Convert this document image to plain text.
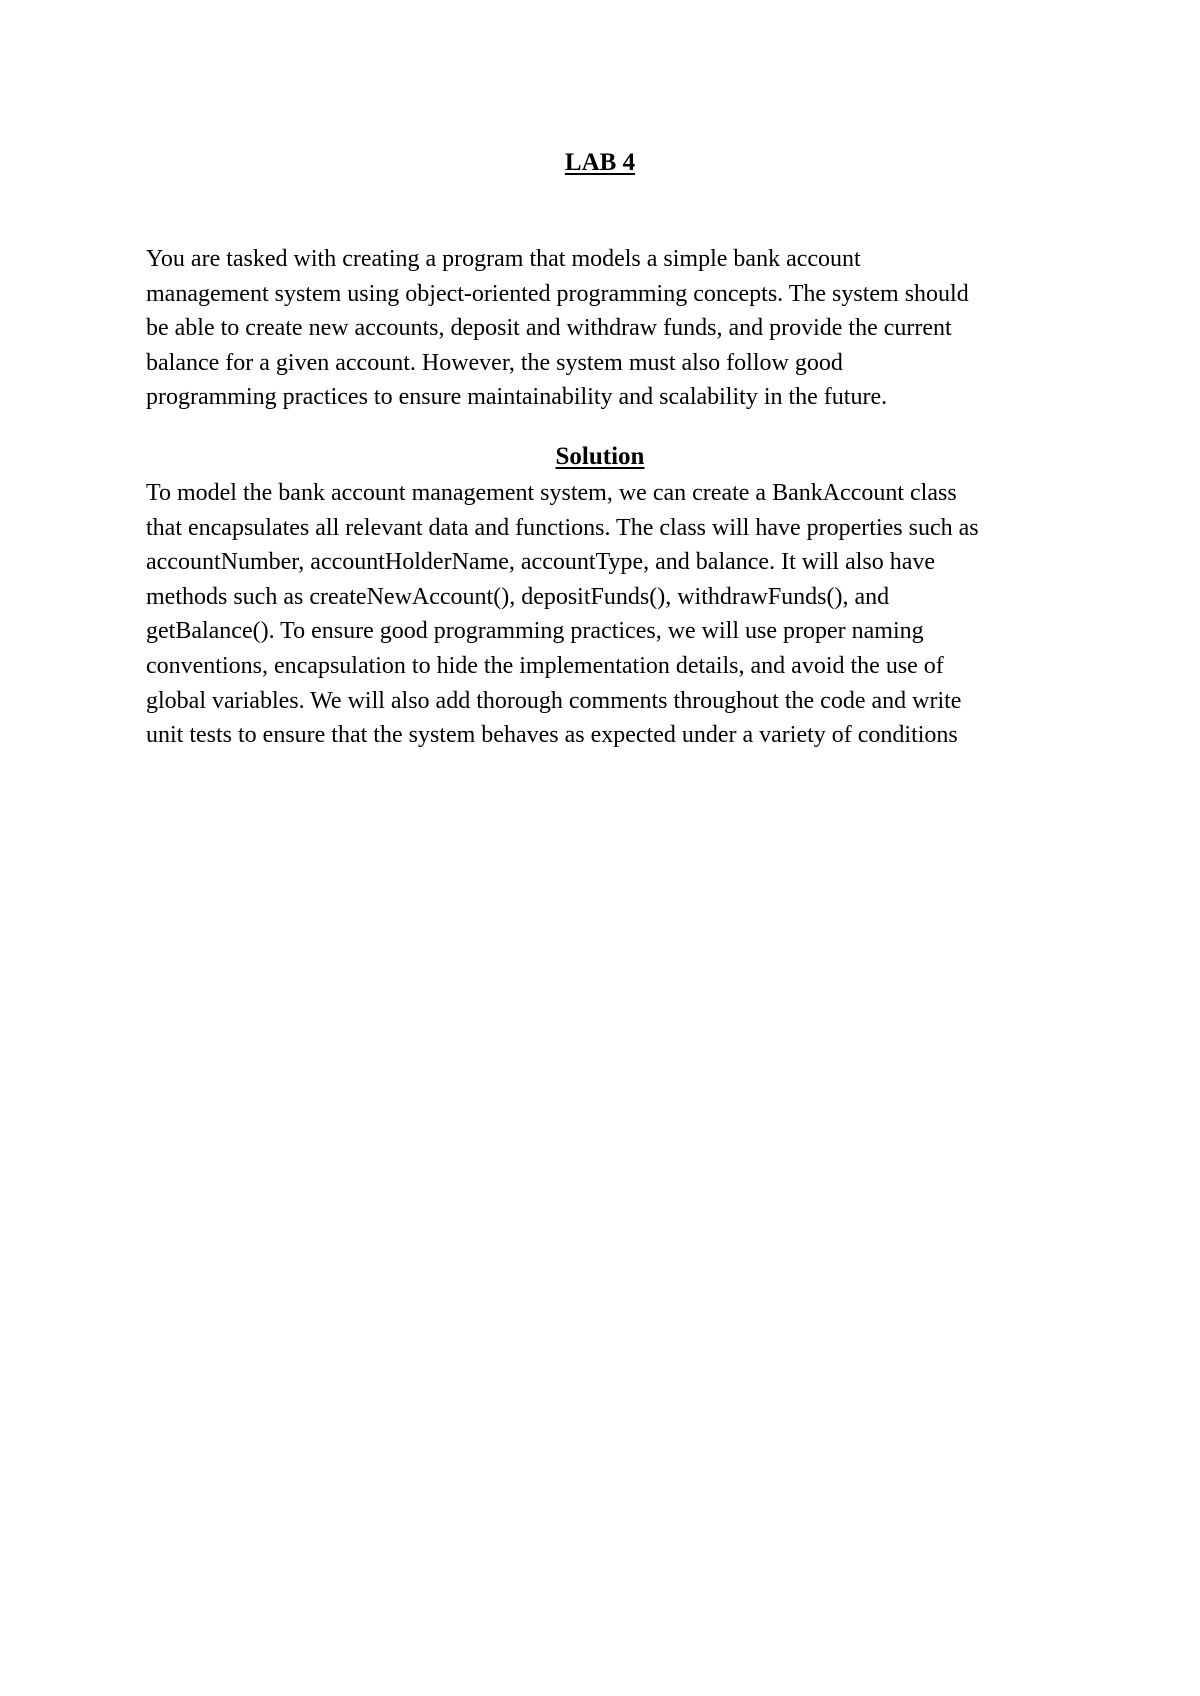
LAB 4

You are tasked with creating a program that models a simple bank account
management system using object-oriented programming concepts. The system should
be able to create new accounts, deposit and withdraw funds, and provide the current
balance for a given account. However, the system must also follow good
programming practices to ensure maintainability and scalability in the future.

Solution

To model the bank account management system, we can create a BankAccount class
that encapsulates all relevant data and functions. The class will have properties such as
accountNumber, accountHolderName, accountType, and balance. It will also have
methods such as createNewAccount(), depositFunds(), withdrawFunds(), and
getBalance(). To ensure good programming practices, we will use proper naming
conventions, encapsulation to hide the implementation details, and avoid the use of
global variables. We will also add thorough comments throughout the code and write
unit tests to ensure that the system behaves as expected under a variety of conditions
